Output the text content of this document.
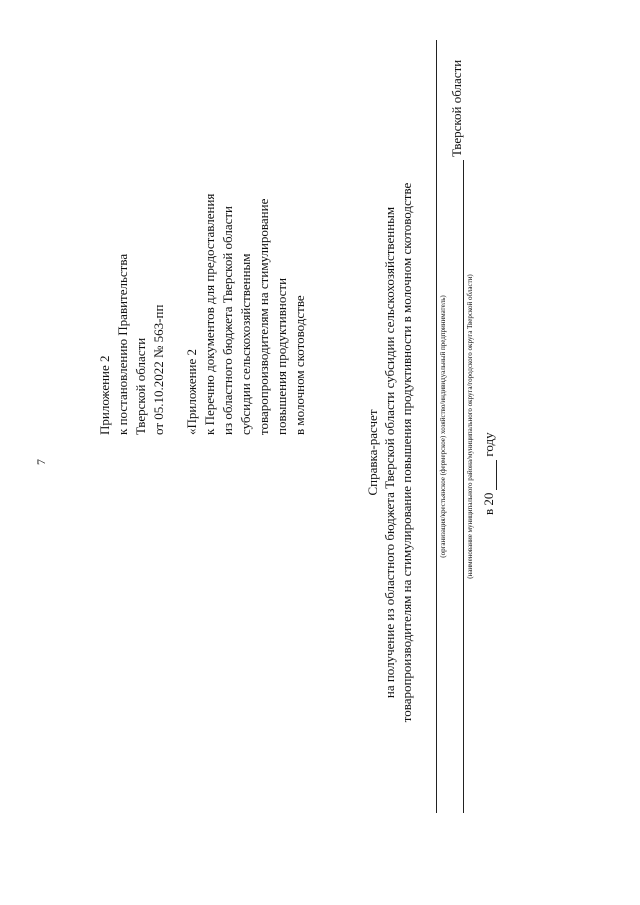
7
Приложение 2 к постановлению Правительства Тверской области от 05.10.2022 № 563-пп «Приложение 2 к Перечню документов для предоставления из областного бюджета Тверской области субсидии сельскохозяйственным товаропроизводителям на стимулирование повышения продуктивности в молочном скотоводстве
Справка-расчет на получение из областного бюджета Тверской области субсидии сельскохозяйственным товаропроизводителям на стимулирование повышения продуктивности в молочном скотоводстве	(организация/крестьянское (фермерское) хозяйство/индивидуальный предприниматель)
Тверской области
(наименование муниципального района/муниципального округа/городского округа Тверской области) в 20году
